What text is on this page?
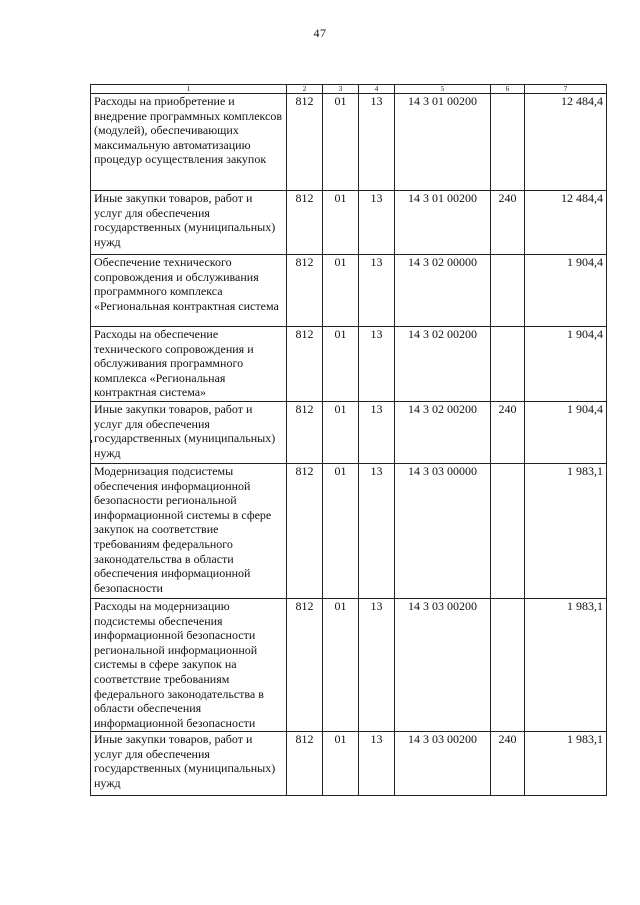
47
1	2	3	4	5	6	7
Расходы на приобретение и внедрение программных комплексов (модулей), обеспечивающих максимальную автоматизацию процедур осуществления закупок	812	01	13	14 3 01 00200		12 484,4
Иные закупки товаров, работ и услуг для обеспечения государственных (муниципальных) нужд	812	01	13	14 3 01 00200	240	12 484,4
Обеспечение технического сопровождения и обслуживания программного комплекса «Региональная контрактная система	812	01	13	14 3 02 00000		1 904,4
Расходы на обеспечение технического сопровождения и обслуживания программного комплекса «Региональная контрактная система»	812	01	13	14 3 02 00200		1 904,4
Иные закупки товаров, работ и услуг для обеспечения государственных (муниципальных) нужд	812	01	13	14 3 02 00200	240	1 904,4
Модернизация подсистемы обеспечения информационной безопасности региональной информационной системы в сфере закупок на соответствие требованиям федерального законодательства в области обеспечения информационной безопасности	812	01	13	14 3 03 00000		1 983,1
Расходы на модернизацию подсистемы обеспечения информационной безопасности региональной информационной системы в сфере закупок на соответствие требованиям федерального законодательства в области обеспечения информационной безопасности	812	01	13	14 3 03 00200		1 983,1
Иные закупки товаров, работ и услуг для обеспечения государственных (муниципальных) нужд	812	01	13	14 3 03 00200	240	1 983,1
